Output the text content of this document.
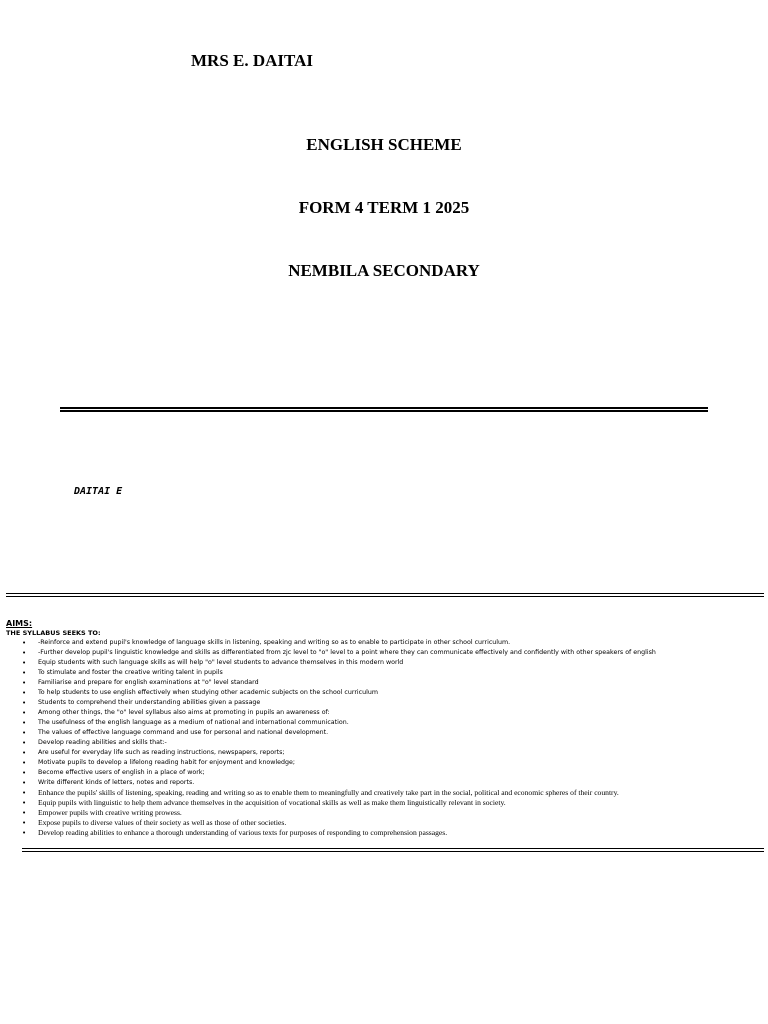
MRS E. DAITAI
ENGLISH SCHEME
FORM 4 TERM 1 2025
NEMBILA SECONDARY

DAITAI E

AIMS:

THE SYLLABUS SEEKS TO:

• -Reinforce and extend pupil's knowledge of language skills in listening, speaking and writing so as to enable to participate in other school curriculum.
• -Further develop pupil's linguistic knowledge and skills as differentiated from zjc level to "o" level to a point where they can communicate effectively and confidently with other speakers of english
• Equip students with such language skills as will help "o" level students to advance themselves in this modern world
• To stimulate and foster the creative writing talent in pupils
• Familiarise and prepare for english examinations at "o" level standard
• To help students to use english effectively when studying other academic subjects on the school curriculum
• Students to comprehend their understanding abilities given a passage
• Among other things, the "o" level syllabus also aims at promoting in pupils an awareness of:
• The usefulness of the english language as a medium of national and international communication.
• The values of effective language command and use for personal and national development.
• Develop reading abilities and skills that:-
• Are useful for everyday life such as reading instructions, newspapers, reports;
• Motivate pupils to develop a lifelong reading habit for enjoyment and knowledge;
• Become effective users of english in a place of work;
• Write different kinds of letters, notes and reports.
• Enhance the pupils' skills of listening, speaking, reading and writing so as to enable them to meaningfully and creatively take part in the social, political and economic spheres of their country.
• Equip pupils with linguistic to help them advance themselves in the acquisition of vocational skills as well as make them linguistically relevant in society.
• Empower pupils with creative writing prowess.
• Expose pupils to diverse values of their society as well as those of other societies.
• Develop reading abilities to enhance a thorough understanding of various texts for purposes of responding to comprehension passages.
